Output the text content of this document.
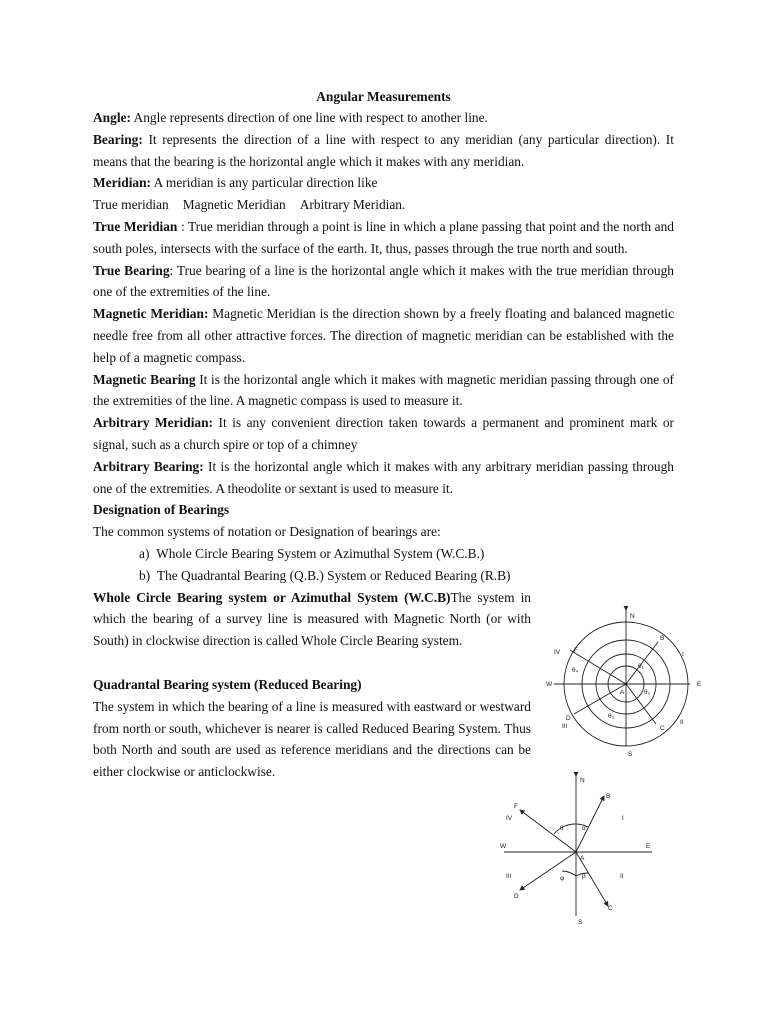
Angular Measurements

Angle: Angle represents direction of one line with respect to another line.

Bearing: It represents the direction of a line with respect to any meridian (any particular direction). It means that the bearing is the horizontal angle which it makes with any meridian.

Meridian: A meridian is any particular direction like

True meridian Magnetic Meridian Arbitrary Meridian.

True Meridian : True meridian through a point is line in which a plane passing that point and the north and south poles, intersects with the surface of the earth. It, thus, passes through the true north and south.

True Bearing: True bearing of a line is the horizontal angle which it makes with the true meridian through one of the extremities of the line.

Magnetic Meridian: Magnetic Meridian is the direction shown by a freely floating and balanced magnetic needle free from all other attractive forces. The direction of magnetic meridian can be established with the help of a magnetic compass.

Magnetic Bearing It is the horizontal angle which it makes with magnetic meridian passing through one of the extremities of the line. A magnetic compass is used to measure it.

Arbitrary Meridian: It is any convenient direction taken towards a permanent and prominent mark or signal, such as a church spire or top of a chimney

Arbitrary Bearing: It is the horizontal angle which it makes with any arbitrary meridian passing through one of the extremities. A theodolite or sextant is used to measure it.

Designation of Bearings

The common systems of notation or Designation of bearings are:

a) Whole Circle Bearing System or Azimuthal System (W.C.B.)
b) The Quadrantal Bearing (Q.B.) System or Reduced Bearing (R.B)

Whole Circle Bearing system or Azimuthal System (W.C.B)The system in which the bearing of a survey line is measured with Magnetic North (or with South) in clockwise direction is called Whole Circle Bearing system.

Quadrantal Bearing system (Reduced Bearing)

The system in which the bearing of a line is measured with eastward or westward from north or south, whichever is nearer is called Reduced Bearing System. Thus both North and south are used as reference meridians and the directions can be either clockwise or anticlockwise.

N
S
E
W
A
B
C
D
F
I
II
III
IV
θ₁
θ₂
θ₃
θ₄
N
S
E
W
A
B
C
D
F
I
II
III
IV
α
θ
φ	β
